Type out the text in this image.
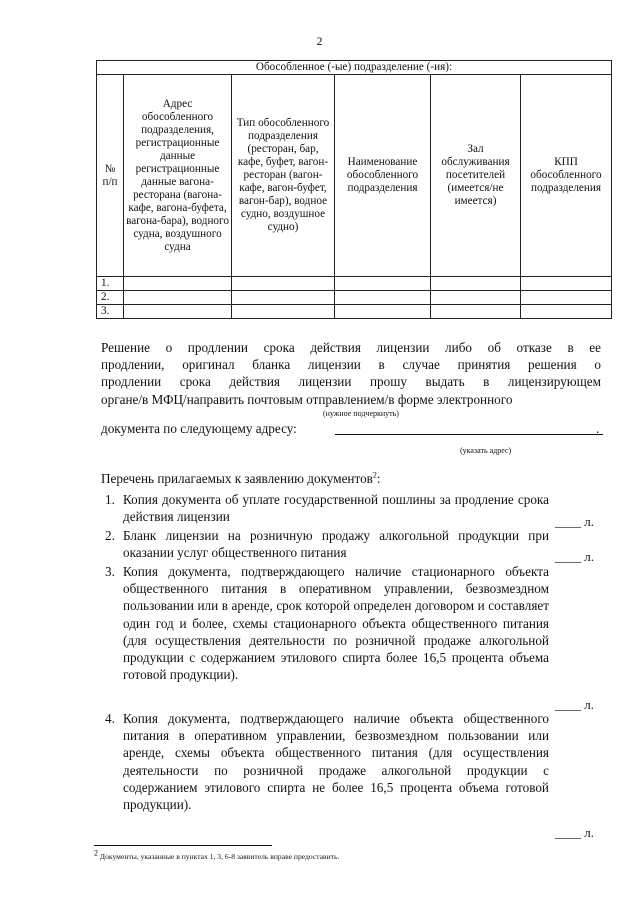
2
Обособленное (-ые) подразделение (-ия):					
№ п/п	Адрес обособленного подразделения, регистрационные данные регистрационные данные вагона-ресторана (вагона-кафе, вагона-буфета, вагона-бара), водного судна, воздушного судна	Тип обособленного подразделения (ресторан, бар, кафе, буфет, вагон-ресторан (вагон-кафе, вагон-буфет, вагон-бар), водное судно, воздушное судно)	Наименование обособленного подразделения	Зал обслуживания посетителей (имеется/не имеется)	КПП обособленного подразделения
1.					
2.					
3.					
Решение о продлении срока действия лицензии либо об отказе в ее
продлении, оригинал бланка лицензии в случае принятия решения о
продлении срока действия лицензии прошу выдать в лицензирующем
органе/в МФЦ/направить почтовым отправлением/в форме электронного
(нужное подчеркнуть)
документа по следующему адресу:	.
(указать адрес)
Перечень прилагаемых к заявлению документов$^2$:
1. Копия документа об уплате государственной пошлины за продление срока действия лицензии	____ л.
2. Бланк лицензии на розничную продажу алкогольной продукции при оказании услуг общественного питания	____ л.
3. Копия документа, подтверждающего наличие стационарного объекта общественного питания в оперативном управлении, безвозмездном пользовании или в аренде, срок которой определен договором и составляет один год и более, схемы стационарного объекта общественного питания (для осуществления деятельности по розничной продаже алкогольной продукции с содержанием этилового спирта более 16,5 процента объема готовой продукции).
____ л.
4. Копия документа, подтверждающего наличие объекта общественного питания в оперативном управлении, безвозмездном пользовании или аренде, схемы объекта общественного питания (для осуществления деятельности по розничной продаже алкогольной продукции с содержанием этилового спирта не более 16,5 процента объема готовой продукции).
____ л.
$^2$ Документы, указанные в пунктах 1, 3, 6-8 заявитель вправе предоставить.
